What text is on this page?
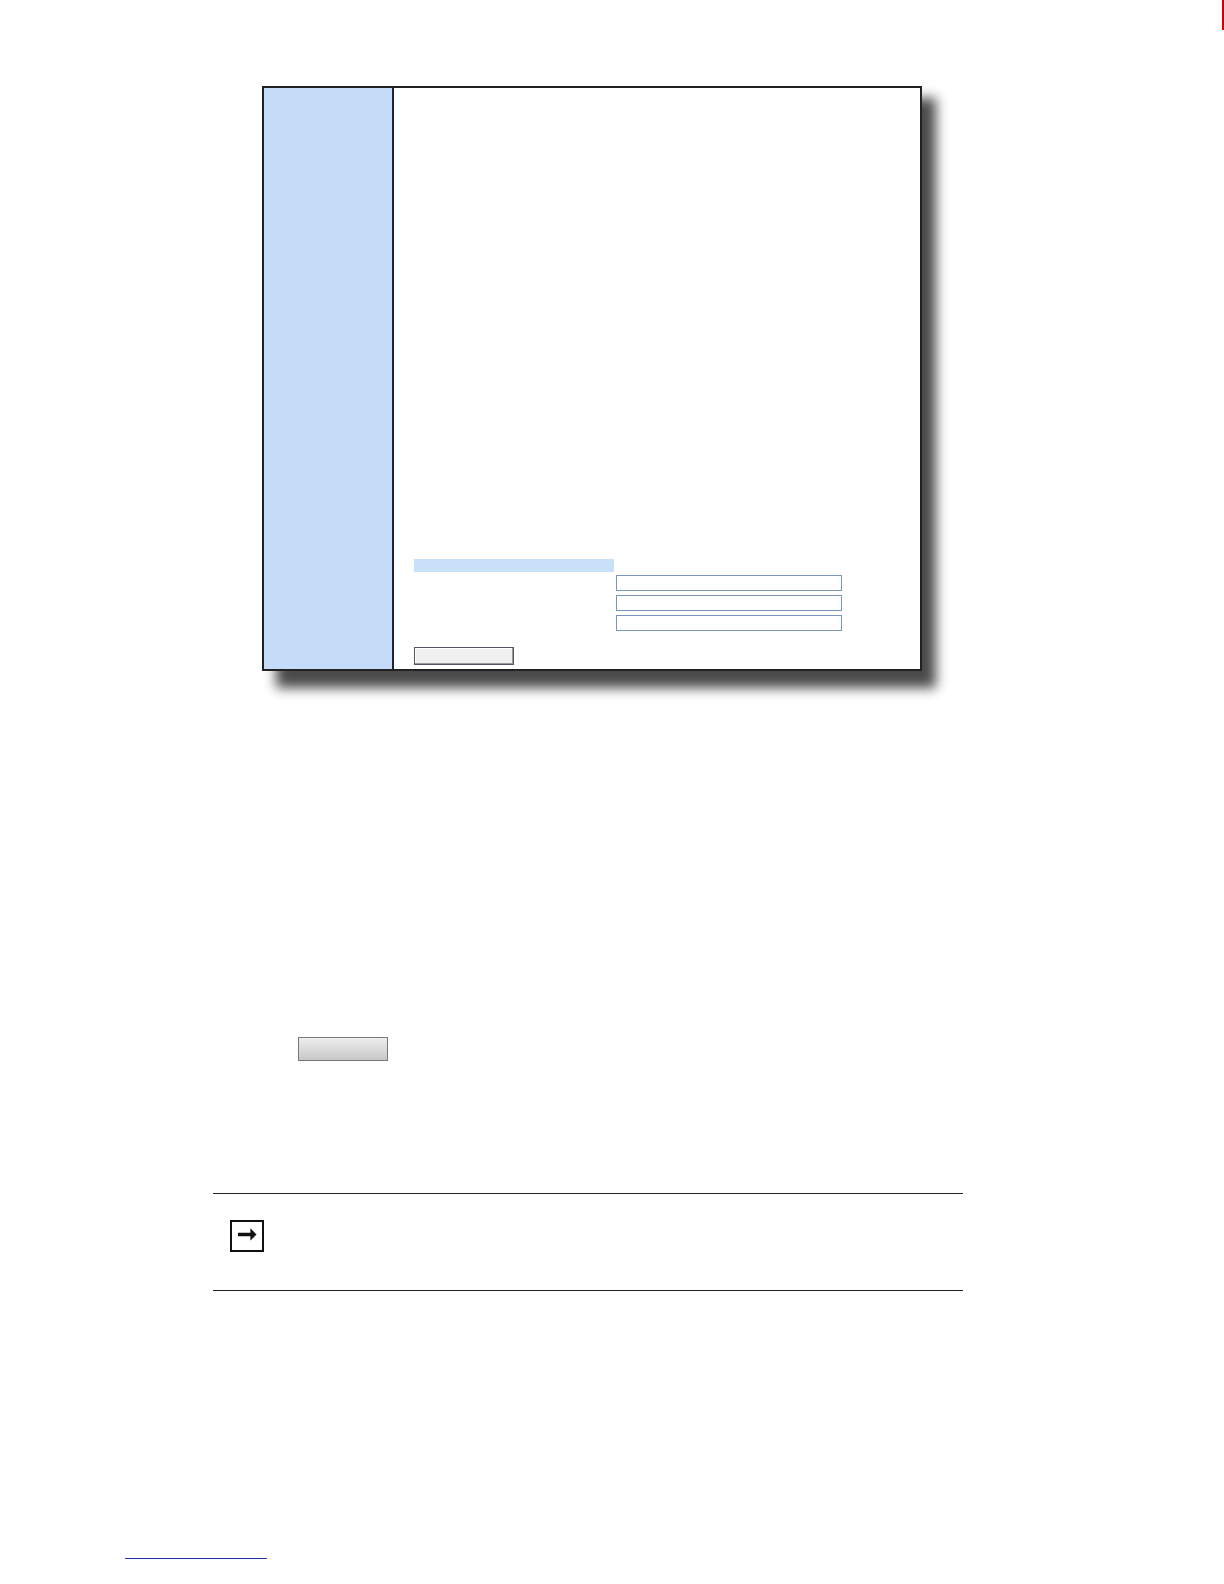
➞
